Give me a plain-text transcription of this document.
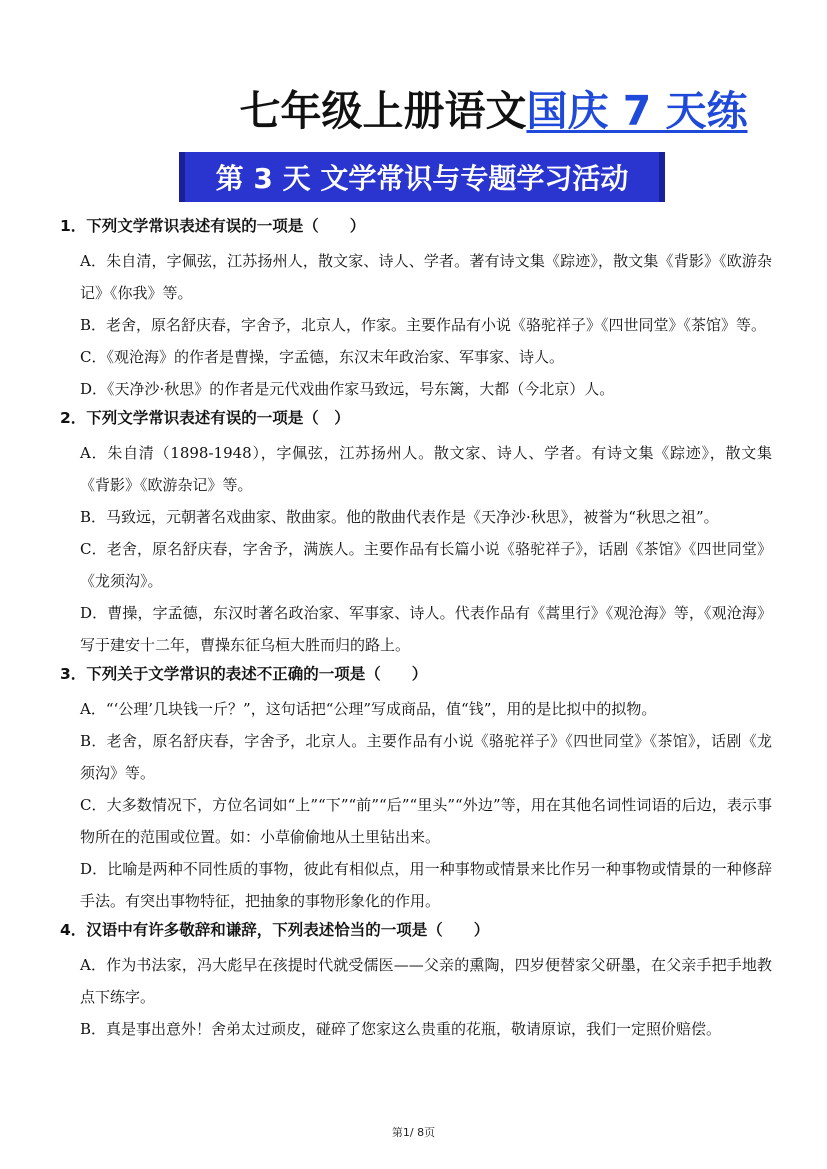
七年级上册语文国庆 7 天练
第 3 天 文学常识与专题学习活动

1．下列文学常识表述有误的一项是（　　）

A．朱自清，字佩弦，江苏扬州人，散文家、诗人、学者。著有诗文集《踪迹》，散文集《背影》《欧游杂记》《你我》等。

B．老舍，原名舒庆春，字舍予，北京人，作家。主要作品有小说《骆驼祥子》《四世同堂》《茶馆》等。

C．《观沧海》的作者是曹操，字孟德，东汉末年政治家、军事家、诗人。

D．《天净沙·秋思》的作者是元代戏曲作家马致远，号东篱，大都（今北京）人。

2．下列文学常识表述有误的一项是（　）

A．朱自清（1898-1948），字佩弦，江苏扬州人。散文家、诗人、学者。有诗文集《踪迹》，散文集《背影》《欧游杂记》等。

B．马致远，元朝著名戏曲家、散曲家。他的散曲代表作是《天净沙·秋思》，被誉为“秋思之祖”。

C．老舍，原名舒庆春，字舍予，满族人。主要作品有长篇小说《骆驼祥子》，话剧《茶馆》《四世同堂》《龙须沟》。

D．曹操，字孟德，东汉时著名政治家、军事家、诗人。代表作品有《蒿里行》《观沧海》等，《观沧海》写于建安十二年，曹操东征乌桓大胜而归的路上。

3．下列关于文学常识的表述不正确的一项是（　　）

A．“‘公理’几块钱一斤？”，这句话把“公理”写成商品，值“钱”，用的是比拟中的拟物。

B．老舍，原名舒庆春，字舍予，北京人。主要作品有小说《骆驼祥子》《四世同堂》《茶馆》，话剧《龙须沟》等。

C．大多数情况下，方位名词如“上”“下”“前”“后”“里头”“外边”等，用在其他名词性词语的后边，表示事物所在的范围或位置。如：小草偷偷地从土里钻出来。

D．比喻是两种不同性质的事物，彼此有相似点，用一种事物或情景来比作另一种事物或情景的一种修辞手法。有突出事物特征，把抽象的事物形象化的作用。

4．汉语中有许多敬辞和谦辞，下列表述恰当的一项是（　　）

A．作为书法家，冯大彪早在孩提时代就受儒医——父亲的熏陶，四岁便替家父研墨，在父亲手把手地教点下练字。

B．真是事出意外！舍弟太过顽皮，碰碎了您家这么贵重的花瓶，敬请原谅，我们一定照价赔偿。

第1/ 8页
